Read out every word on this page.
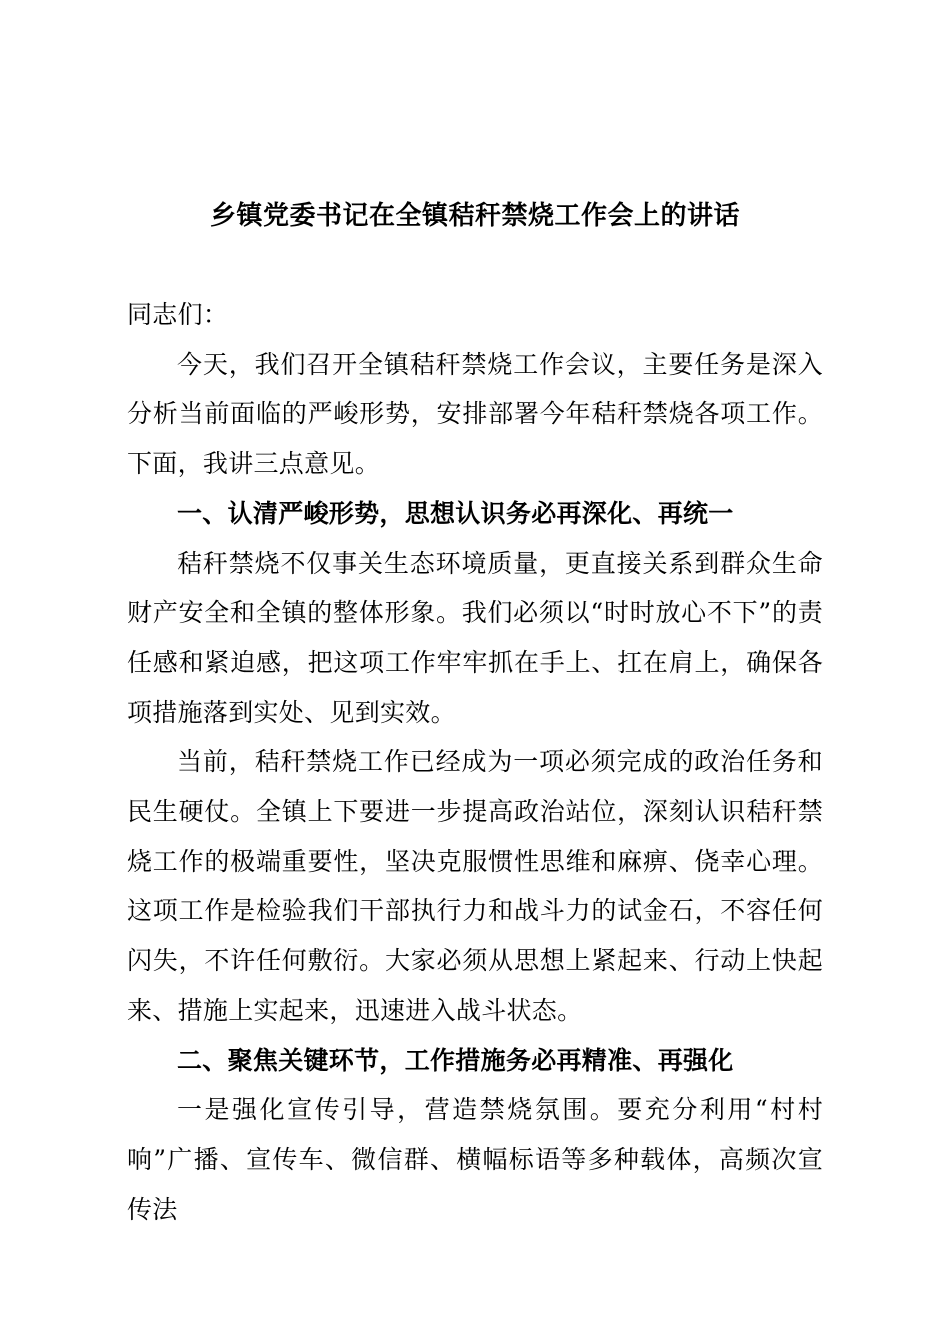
乡镇党委书记在全镇秸秆禁烧工作会上的讲话

同志们：

今天，我们召开全镇秸秆禁烧工作会议，主要任务是深入分析当前面临的严峻形势，安排部署今年秸秆禁烧各项工作。下面，我讲三点意见。

一、认清严峻形势，思想认识务必再深化、再统一

秸秆禁烧不仅事关生态环境质量，更直接关系到群众生命财产安全和全镇的整体形象。我们必须以“时时放心不下”的责任感和紧迫感，把这项工作牢牢抓在手上、扛在肩上，确保各项措施落到实处、见到实效。

当前，秸秆禁烧工作已经成为一项必须完成的政治任务和民生硬仗。全镇上下要进一步提高政治站位，深刻认识秸秆禁烧工作的极端重要性，坚决克服惯性思维和麻痹、侥幸心理。这项工作是检验我们干部执行力和战斗力的试金石，不容任何闪失，不许任何敷衍。大家必须从思想上紧起来、行动上快起来、措施上实起来，迅速进入战斗状态。

二、聚焦关键环节，工作措施务必再精准、再强化

一是强化宣传引导，营造禁烧氛围。要充分利用“村村响”广播、宣传车、微信群、横幅标语等多种载体，高频次宣传法
